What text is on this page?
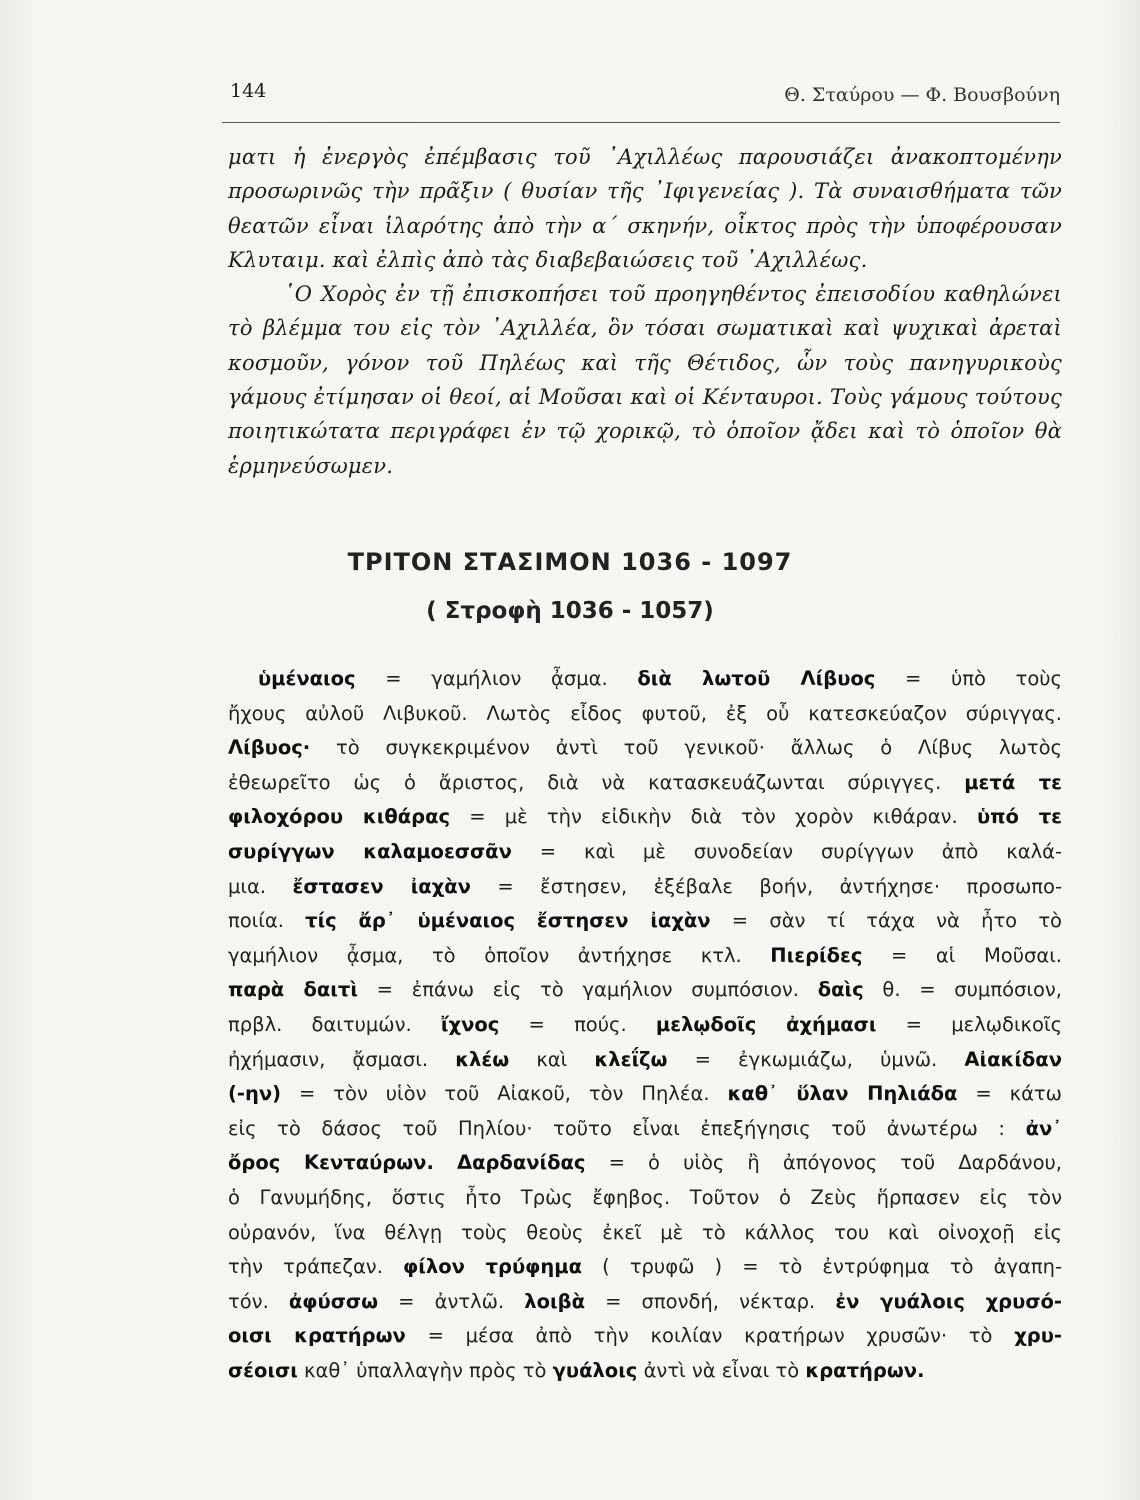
144	Θ. Σταύρου — Φ. Βουσβούνη

ματι ἡ ἐνεργὸς ἐπέμβασις τοῦ ᾿Αχιλλέως παρουσιάζει ἀνακοπτομένην προσωρινῶς τὴν πρᾶξιν ( θυσίαν τῆς ᾿Ιφιγενείας ). Τὰ συναισθήματα τῶν θεατῶν εἶναι ἱλαρότης ἀπὸ τὴν α΄ σκηνήν, οἶκτος πρὸς τὴν ὑποφέρουσαν Κλυταιμ. καὶ ἐλπὶς ἀπὸ τὰς διαβεβαιώσεις τοῦ ᾿Αχιλλέως.

῾Ο Χορὸς ἐν τῇ ἐπισκοπήσει τοῦ προηγηθέντος ἐπεισοδίου καθηλώνει τὸ βλέμμα του εἰς τὸν ᾿Αχιλλέα, ὃν τόσαι σωματικαὶ καὶ ψυχικαὶ ἀρεταὶ κοσμοῦν, γόνον τοῦ Πηλέως καὶ τῆς Θέτιδος, ὧν τοὺς πανηγυρικοὺς γάμους ἐτίμησαν οἱ θεοί, αἱ Μοῦσαι καὶ οἱ Κένταυροι. Τοὺς γάμους τούτους ποιητικώτατα περιγράφει ἐν τῷ χορικῷ, τὸ ὁποῖον ᾄδει καὶ τὸ ὁποῖον θὰ ἑρμηνεύσωμεν.

ΤΡΙΤΟΝ ΣΤΑΣΙΜΟΝ 1036 - 1097
( Στροφὴ 1036 - 1057)
ὑμέναιος = γαμήλιον ᾆσμα. διὰ λωτοῦ Λίβυος = ὑπὸ τοὺς
ἤχους αὐλοῦ Λιβυκοῦ. Λωτὸς εἶδος φυτοῦ, ἐξ οὗ κατεσκεύαζον σύριγγας.
Λίβυος· τὸ συγκεκριμένον ἀντὶ τοῦ γενικοῦ· ἄλλως ὁ Λίβυς λωτὸς
ἐθεωρεῖτο ὡς ὁ ἄριστος, διὰ νὰ κατασκευάζωνται σύριγγες. μετά τε
φιλοχόρου κιθάρας = μὲ τὴν εἰδικὴν διὰ τὸν χορὸν κιθάραν. ὑπό τε
συρίγγων καλαμοεσσᾶν = καὶ μὲ συνοδείαν συρίγγων ἀπὸ καλά-
μια. ἔστασεν ἰαχὰν = ἔστησεν, ἐξέβαλε βοήν, ἀντήχησε· προσωπο-
ποιία. τίς ἄρ᾿ ὑμέναιος ἔστησεν ἰαχὰν = σὰν τί τάχα νὰ ἦτο τὸ
γαμήλιον ᾆσμα, τὸ ὁποῖον ἀντήχησε κτλ. Πιερίδες = αἱ Μοῦσαι.
παρὰ δαιτὶ = ἐπάνω εἰς τὸ γαμήλιον συμπόσιον. δαὶς θ. = συμπόσιον,
πρβλ. δαιτυμών. ἴχνος = πούς. μελῳδοῖς ἀχήμασι = μελῳδικοῖς
ἠχήμασιν, ᾄσμασι. κλέω καὶ κλεΐζω = ἐγκωμιάζω, ὑμνῶ. Αἰακίδαν
(-ην) = τὸν υἱὸν τοῦ Αἰακοῦ, τὸν Πηλέα. καθ᾿ ὕλαν Πηλιάδα = κάτω
εἰς τὸ δάσος τοῦ Πηλίου· τοῦτο εἶναι ἐπεξήγησις τοῦ ἀνωτέρω : ἀν᾿
ὄρος Κενταύρων. Δαρδανίδας = ὁ υἱὸς ἢ ἀπόγονος τοῦ Δαρδάνου,
ὁ Γανυμήδης, ὅστις ἦτο Τρὼς ἔφηβος. Τοῦτον ὁ Ζεὺς ἥρπασεν εἰς τὸν
οὐρανόν, ἵνα θέλγῃ τοὺς θεοὺς ἐκεῖ μὲ τὸ κάλλος του καὶ οἰνοχοῇ εἰς
τὴν τράπεζαν. φίλον τρύφημα ( τρυφῶ ) = τὸ ἐντρύφημα τὸ ἀγαπη-
τόν. ἀφύσσω = ἀντλῶ. λοιβὰ = σπονδή, νέκταρ. ἐν γυάλοις χρυσό-
οισι κρατήρων = μέσα ἀπὸ τὴν κοιλίαν κρατήρων χρυσῶν· τὸ χρυ-
σέοισι καθ᾿ ὑπαλλαγὴν πρὸς τὸ γυάλοις ἀντὶ νὰ εἶναι τὸ κρατήρων.
